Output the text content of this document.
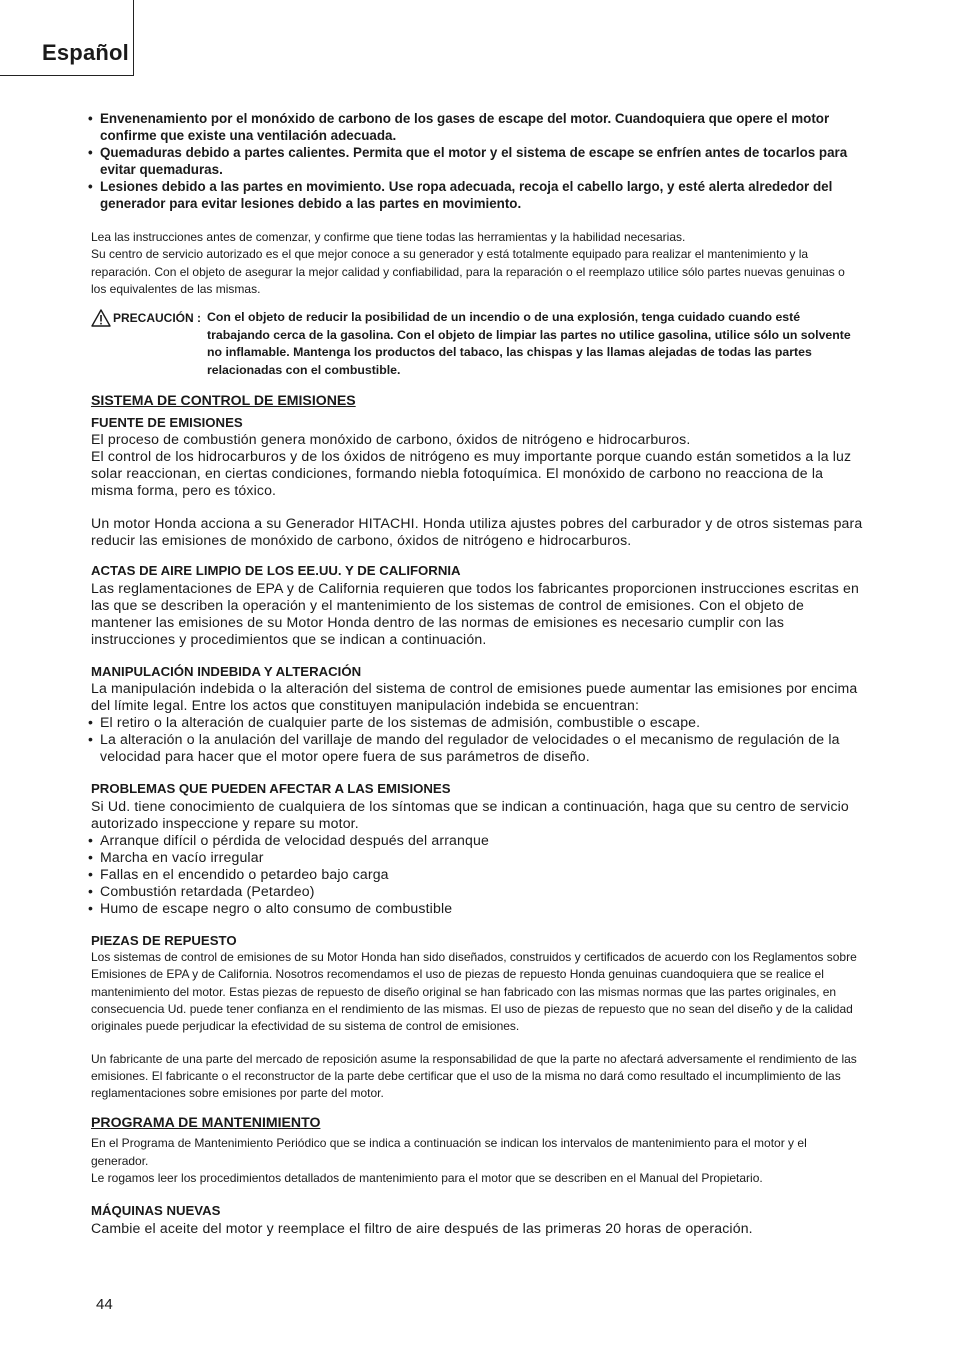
Español

• Envenenamiento por el monóxido de carbono de los gases de escape del motor. Cuandoquiera que opere el motor confirme que existe una ventilación adecuada.

• Quemaduras debido a partes calientes. Permita que el motor y el sistema de escape se enfríen antes de tocarlos para evitar quemaduras.

• Lesiones debido a las partes en movimiento. Use ropa adecuada, recoja el cabello largo, y esté alerta alrededor del generador para evitar lesiones debido a las partes en movimiento.

Lea las instrucciones antes de comenzar, y confirme que tiene todas las herramientas y la habilidad necesarias.

Su centro de servicio autorizado es el que mejor conoce a su generador y está totalmente equipado para realizar el mantenimiento y la reparación. Con el objeto de asegurar la mejor calidad y confiabilidad, para la reparación o el reemplazo utilice sólo partes nuevas genuinas o los equivalentes de las mismas.

PRECAUCIÓN : Con el objeto de reducir la posibilidad de un incendio o de una explosión, tenga cuidado cuando esté trabajando cerca de la gasolina. Con el objeto de limpiar las partes no utilice gasolina, utilice sólo un solvente no inflamable. Mantenga los productos del tabaco, las chispas y las llamas alejadas de todas las partes relacionadas con el combustible.

SISTEMA DE CONTROL DE EMISIONES

FUENTE DE EMISIONES

El proceso de combustión genera monóxido de carbono, óxidos de nitrógeno e hidrocarburos.

El control de los hidrocarburos y de los óxidos de nitrógeno es muy importante porque cuando están sometidos a la luz solar reaccionan, en ciertas condiciones, formando niebla fotoquímica. El monóxido de carbono no reacciona de la misma forma, pero es tóxico.

Un motor Honda acciona a su Generador HITACHI. Honda utiliza ajustes pobres del carburador y de otros sistemas para reducir las emisiones de monóxido de carbono, óxidos de nitrógeno e hidrocarburos.

ACTAS DE AIRE LIMPIO DE LOS EE.UU. Y DE CALIFORNIA

Las reglamentaciones de EPA y de California requieren que todos los fabricantes proporcionen instrucciones escritas en las que se describen la operación y el mantenimiento de los sistemas de control de emisiones. Con el objeto de mantener las emisiones de su Motor Honda dentro de las normas de emisiones es necesario cumplir con las instrucciones y procedimientos que se indican a continuación.

MANIPULACIÓN INDEBIDA Y ALTERACIÓN

La manipulación indebida o la alteración del sistema de control de emisiones puede aumentar las emisiones por encima del límite legal. Entre los actos que constituyen manipulación indebida se encuentran:

• El retiro o la alteración de cualquier parte de los sistemas de admisión, combustible o escape.

• La alteración o la anulación del varillaje de mando del regulador de velocidades o el mecanismo de regulación de la velocidad para hacer que el motor opere fuera de sus parámetros de diseño.

PROBLEMAS QUE PUEDEN AFECTAR A LAS EMISIONES

Si Ud. tiene conocimiento de cualquiera de los síntomas que se indican a continuación, haga que su centro de servicio autorizado inspeccione y repare su motor.

• Arranque difícil o pérdida de velocidad después del arranque

• Marcha en vacío irregular

• Fallas en el encendido o petardeo bajo carga

• Combustión retardada (Petardeo)

• Humo de escape negro o alto consumo de combustible

PIEZAS DE REPUESTO

Los sistemas de control de emisiones de su Motor Honda han sido diseñados, construidos y certificados de acuerdo con los Reglamentos sobre Emisiones de EPA y de California. Nosotros recomendamos el uso de piezas de repuesto Honda genuinas cuandoquiera que se realice el mantenimiento del motor. Estas piezas de repuesto de diseño original se han fabricado con las mismas normas que las partes originales, en consecuencia Ud. puede tener confianza en el rendimiento de las mismas. El uso de piezas de repuesto que no sean del diseño y de la calidad originales puede perjudicar la efectividad de su sistema de control de emisiones.

Un fabricante de una parte del mercado de reposición asume la responsabilidad de que la parte no afectará adversamente el rendimiento de las emisiones. El fabricante o el reconstructor de la parte debe certificar que el uso de la misma no dará como resultado el incumplimiento de las reglamentaciones sobre emisiones por parte del motor.

PROGRAMA DE MANTENIMIENTO

En el Programa de Mantenimiento Periódico que se indica a continuación se indican los intervalos de mantenimiento para el motor y el generador.

Le rogamos leer los procedimientos detallados de mantenimiento para el motor que se describen en el Manual del Propietario.

MÁQUINAS NUEVAS

Cambie el aceite del motor y reemplace el filtro de aire después de las primeras 20 horas de operación.

44
